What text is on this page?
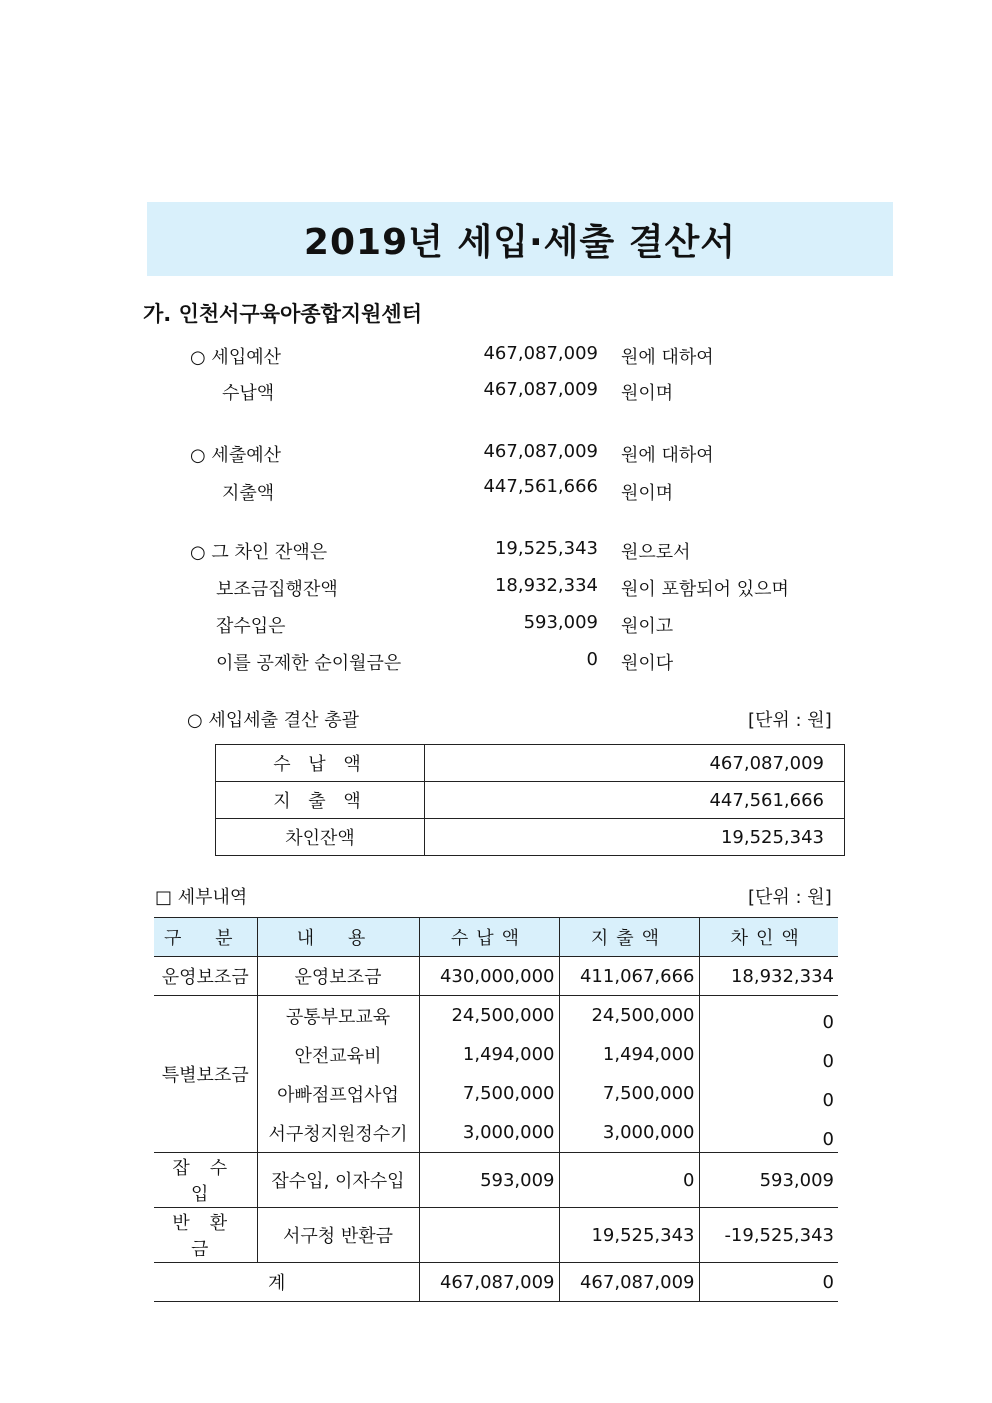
2019년 세입·세출 결산서
가. 인천서구육아종합지원센터
○ 세입예산	467,087,009 원에 대하여
수납액	467,087,009 원이며
○ 세출예산	467,087,009 원에 대하여
지출액	447,561,666 원이며
○ 그 차인 잔액은	19,525,343 원으로서
보조금집행잔액	18,932,334 원이 포함되어 있으며
잡수입은	593,009 원이고
이를 공제한 순이월금은	0 원이다
○ 세입세출 결산 총괄	[단위 : 원]
수 납 액	467,087,009
지 출 액	447,561,666
차인잔액	19,525,343
□ 세부내역	[단위 : 원]
구 분	내 용	수납액	지출액	차인액
운영보조금	운영보조금	430,000,000	411,067,666	18,932,334
특별보조금	공통부모교육	24,500,000	24,500,000	0
	안전교육비	1,494,000	1,494,000	0
	아빠점프업사업	7,500,000	7,500,000	0
	서구청지원정수기	3,000,000	3,000,000	0
잡수입	잡수입, 이자수입	593,009	0	593,009
반환금	서구청 반환금		19,525,343	-19,525,343
계		467,087,009	467,087,009	0
